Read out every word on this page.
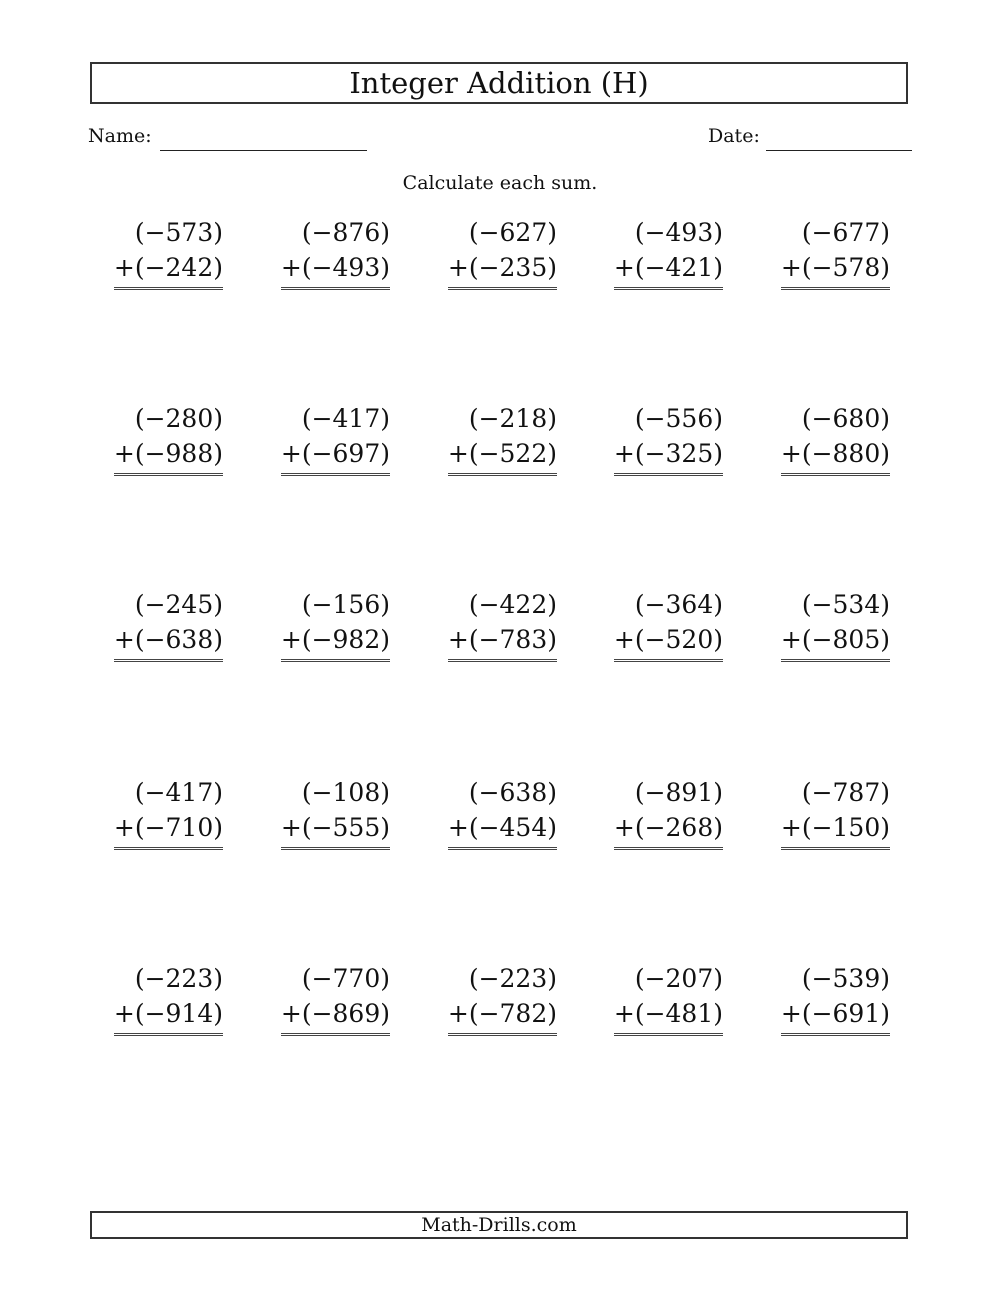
Integer Addition (H)
Name:	Date:
Calculate each sum.
(−573)
+(−242)
(−876)
+(−493)
(−627)
+(−235)
(−493)
+(−421)
(−677)
+(−578)
(−280)
+(−988)
(−417)
+(−697)
(−218)
+(−522)
(−556)
+(−325)
(−680)
+(−880)
(−245)
+(−638)
(−156)
+(−982)
(−422)
+(−783)
(−364)
+(−520)
(−534)
+(−805)
(−417)
+(−710)
(−108)
+(−555)
(−638)
+(−454)
(−891)
+(−268)
(−787)
+(−150)
(−223)
+(−914)
(−770)
+(−869)
(−223)
+(−782)
(−207)
+(−481)
(−539)
+(−691)
Math-Drills.com
